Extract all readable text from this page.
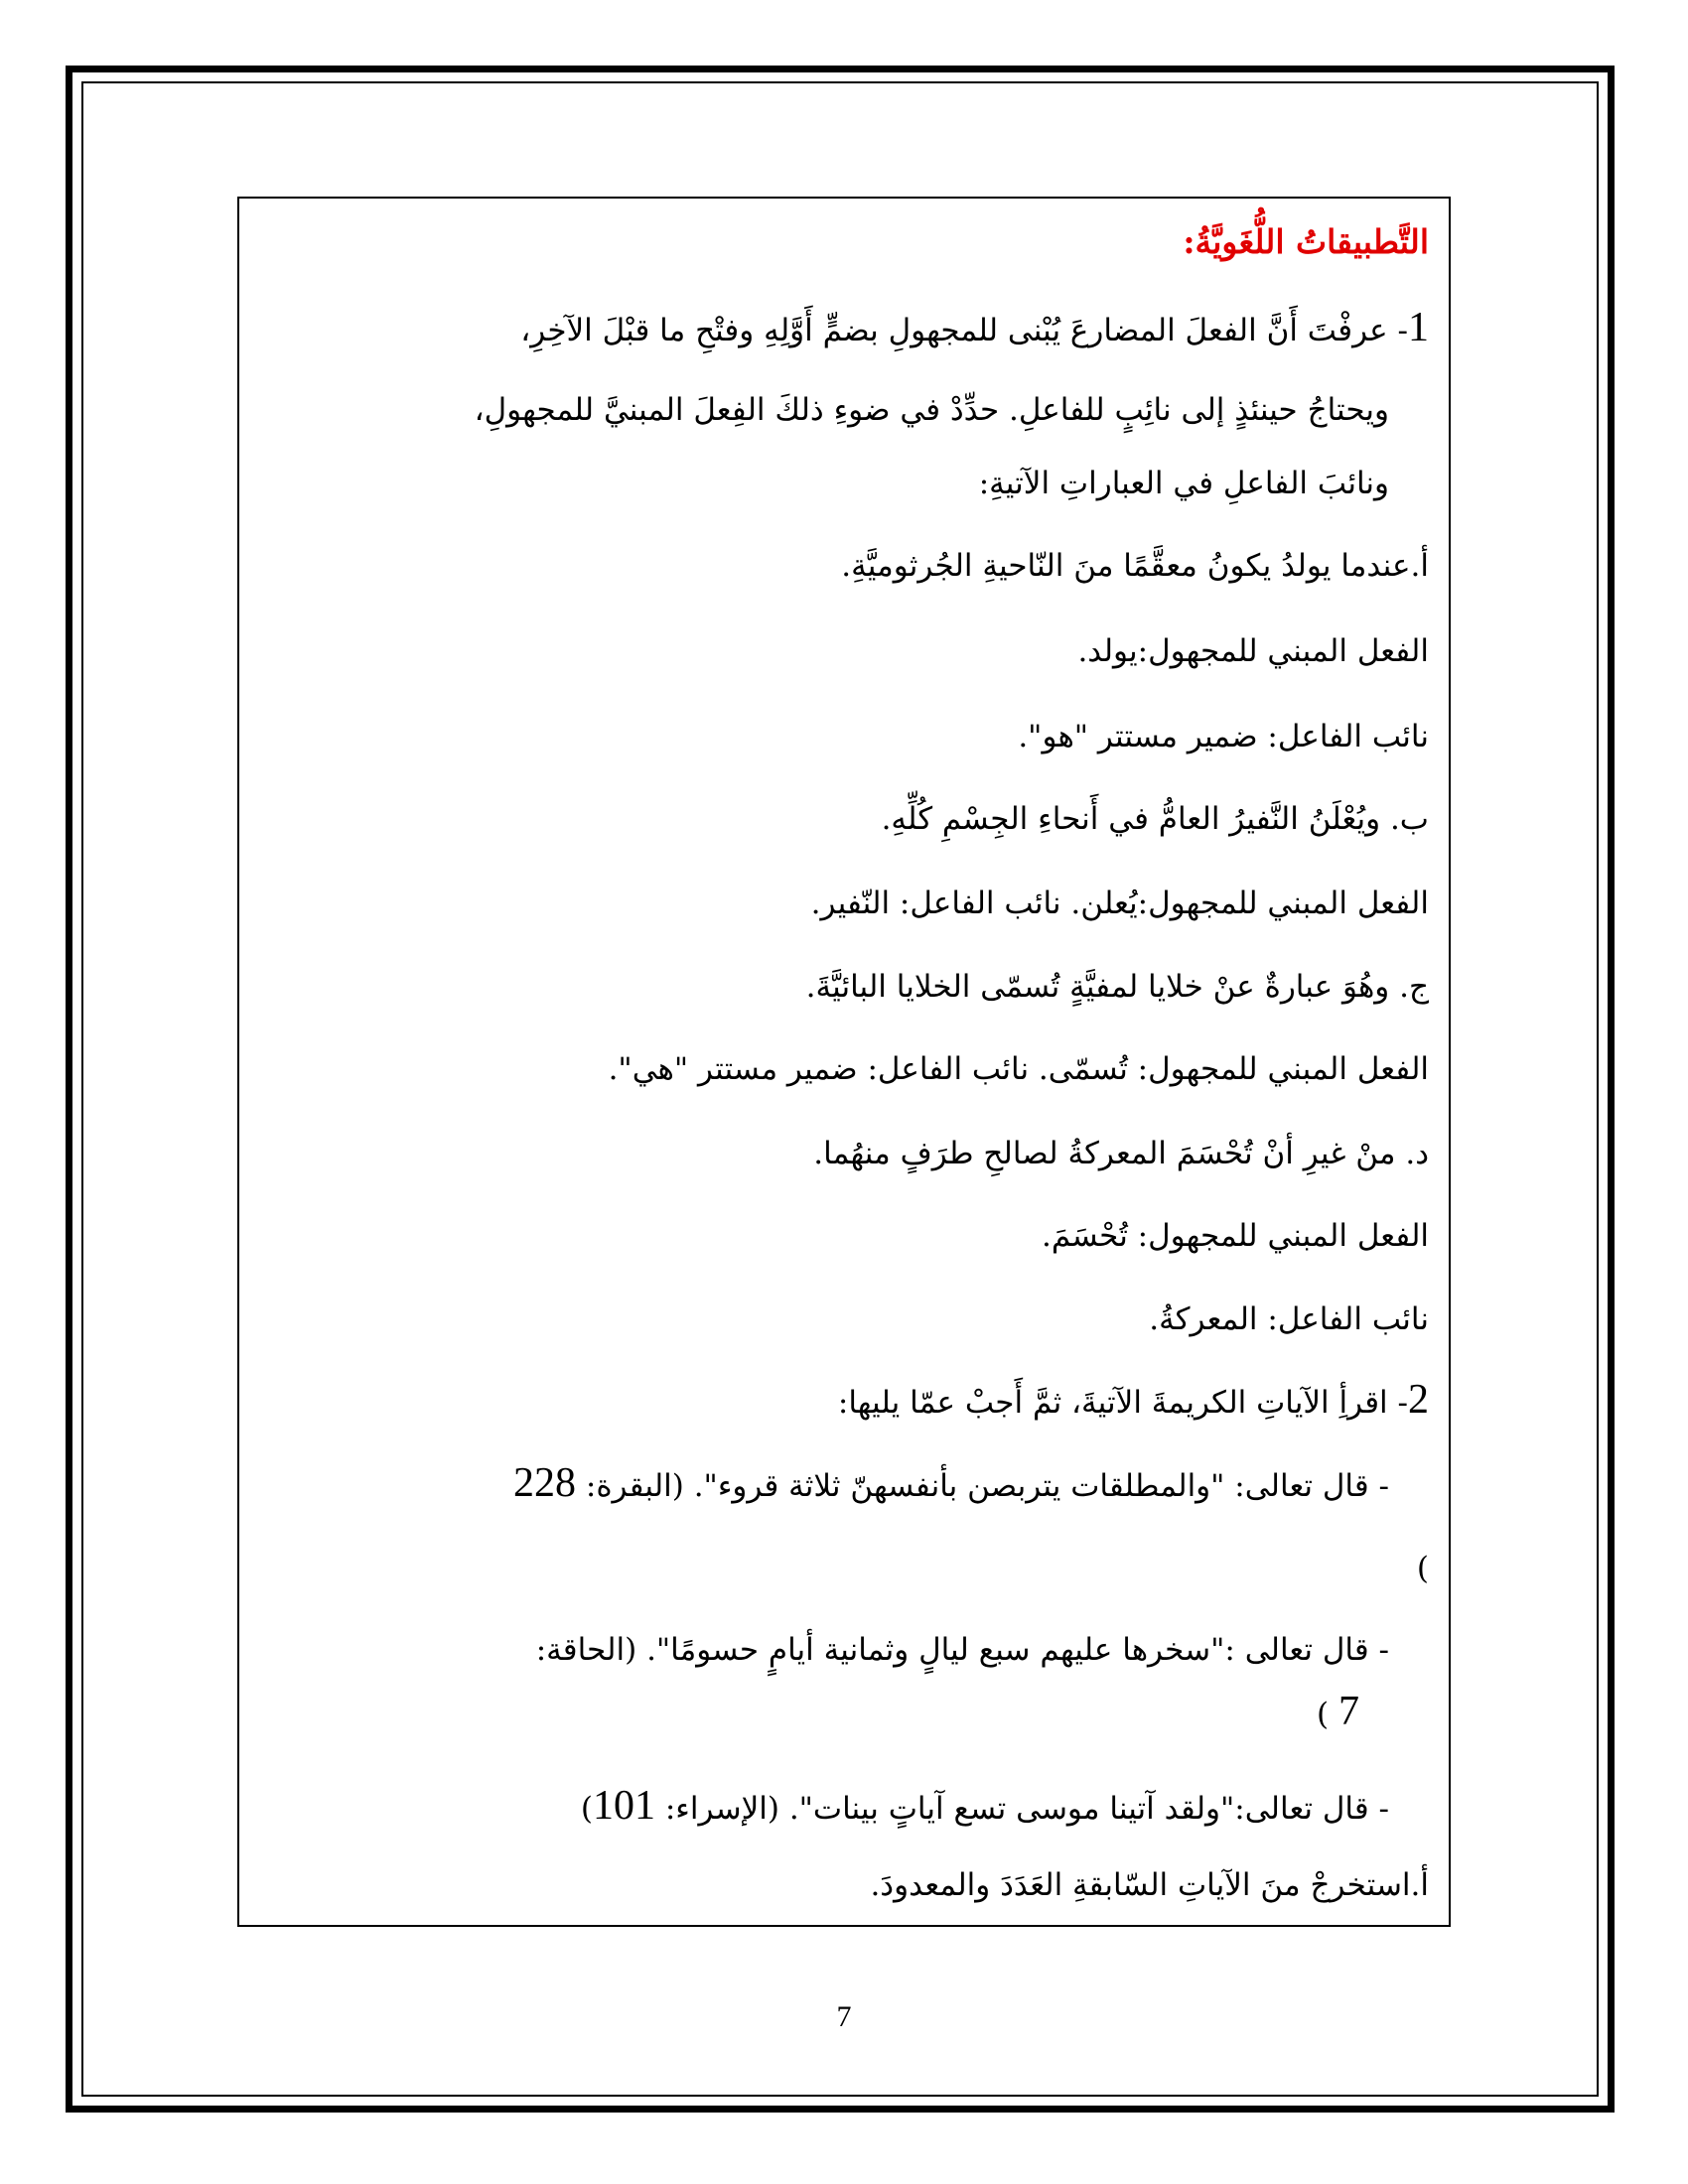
التَّطبيقاتُ اللُّغَويَّةُ:
1- عرفْتَ أَنَّ الفعلَ المضارعَ يُبْنى للمجهولِ بضمٍّ أَوَّلِهِ وفتْحِ ما قبْلَ الآخِرِ،
ويحتاجُ حينئذٍ إلى نائِبٍ للفاعلِ. حدِّدْ في ضوءِ ذلكَ الفِعلَ المبنيَّ للمجهولِ،
ونائبَ الفاعلِ في العباراتِ الآتيةِ:
أ.عندما يولدُ يكونُ معقَّمًا منَ النّاحيةِ الجُرثوميَّةِ.
الفعل المبني للمجهول:يولد.
نائب الفاعل: ضمير مستتر "هو".
ب. ويُعْلَنُ النَّفيرُ العامُّ في أَنحاءِ الجِسْمِ كُلِّهِ.
الفعل المبني للمجهول:يُعلن. نائب الفاعل: النّفير.
ج. وهُوَ عبارةٌ عنْ خلايا لمفيَّةٍ تُسمّى الخلايا البائيَّةَ.
الفعل المبني للمجهول: تُسمّى. نائب الفاعل: ضمير مستتر "هي".
د. منْ غيرِ أنْ تُحْسَمَ المعركةُ لصالحِ طرَفٍ منهُما.
الفعل المبني للمجهول: تُحْسَمَ.
نائب الفاعل: المعركةُ.
2- اقرأِ الآياتِ الكريمةَ الآتيةَ، ثمَّ أَجبْ عمّا يليها:
- قال تعالى: "والمطلقات يتربصن بأنفسهنّ ثلاثة قروء". (البقرة: 228
)
- قال تعالى :"سخرها عليهم سبع ليالٍ وثمانية أيامٍ حسومًا". (الحاقة:
7 )
- قال تعالى:"ولقد آتينا موسى تسع آياتٍ بينات". (الإسراء: 101)
أ.استخرجْ منَ الآياتِ السّابقةِ العَدَدَ والمعدودَ.
7
